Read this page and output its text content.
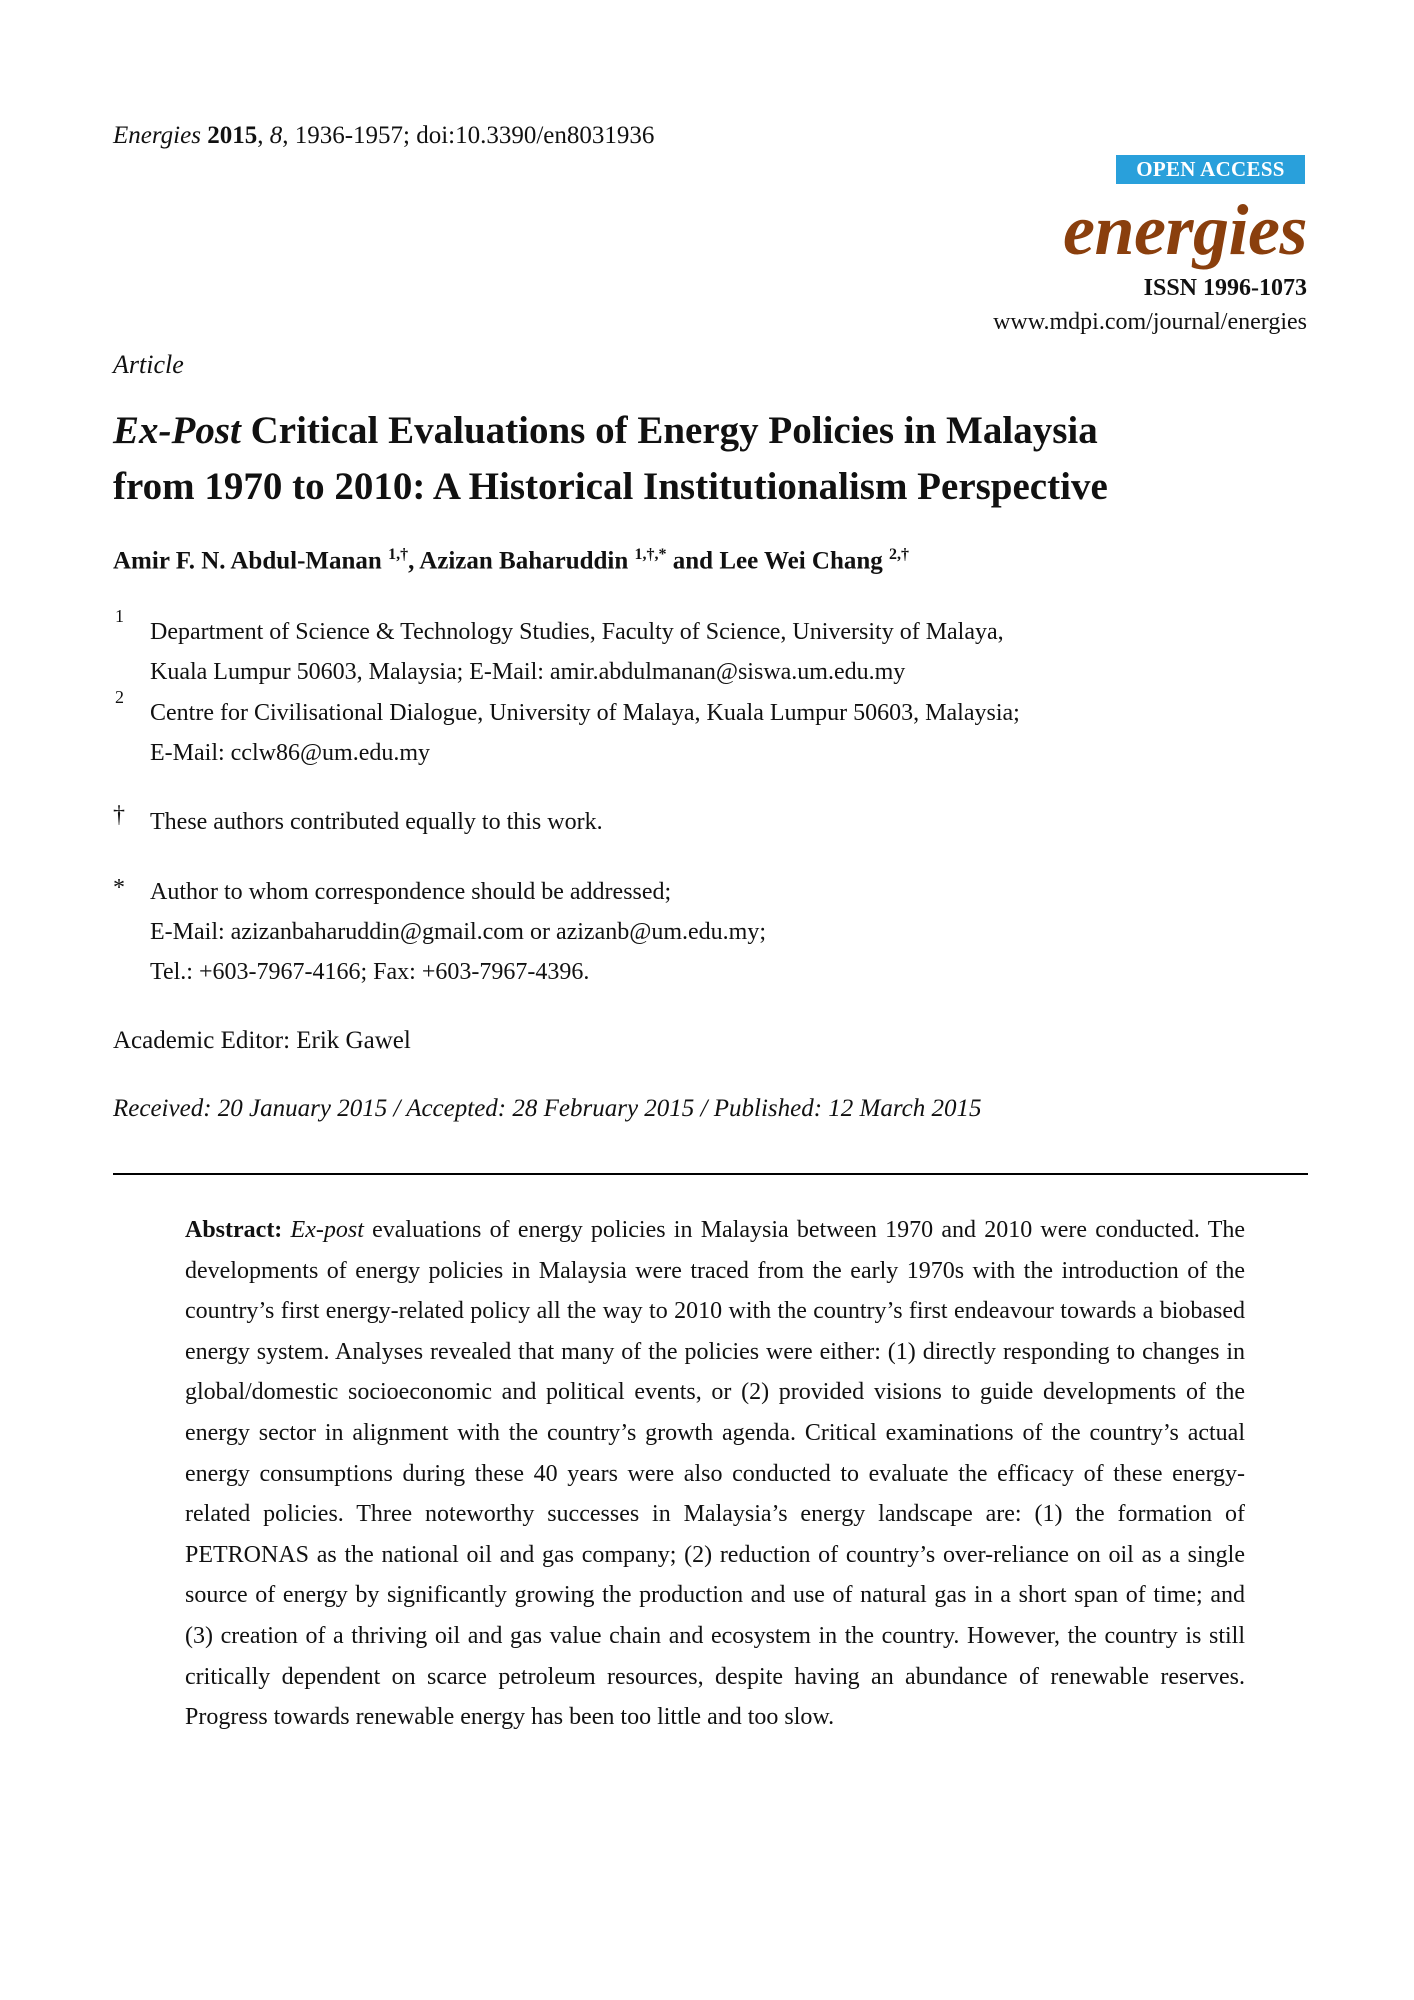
Energies 2015, 8, 1936-1957; doi:10.3390/en8031936
OPEN ACCESS
energies
ISSN 1996-1073
www.mdpi.com/journal/energies
Article
Ex-Post Critical Evaluations of Energy Policies in Malaysia
from 1970 to 2010: A Historical Institutionalism Perspective
Amir F. N. Abdul-Manan $^{1,\dagger}$, Azizan Baharuddin $^{1,\dagger,*}$ and Lee Wei Chang $^{2,\dagger}$
1
Department of Science & Technology Studies, Faculty of Science, University of Malaya,
Kuala Lumpur 50603, Malaysia; E-Mail: amir.abdulmanan@siswa.um.edu.my
2
Centre for Civilisational Dialogue, University of Malaya, Kuala Lumpur 50603, Malaysia;
E-Mail: cclw86@um.edu.my
† These authors contributed equally to this work.
* Author to whom correspondence should be addressed;
E-Mail: azizanbaharuddin@gmail.com or azizanb@um.edu.my;
Tel.: +603-7967-4166; Fax: +603-7967-4396.
Academic Editor: Erik Gawel
Received: 20 January 2015 / Accepted: 28 February 2015 / Published: 12 March 2015
Abstract: Ex-post evaluations of energy policies in Malaysia between 1970 and 2010 were conducted. The developments of energy policies in Malaysia were traced from the early 1970s with the introduction of the country’s first energy-related policy all the way to 2010 with the country’s first endeavour towards a biobased energy system. Analyses revealed that many of the policies were either: (1) directly responding to changes in global/domestic socioeconomic and political events, or (2) provided visions to guide developments of the energy sector in alignment with the country’s growth agenda. Critical examinations of the country’s actual energy consumptions during these 40 years were also conducted to evaluate the efficacy of these energy-related policies. Three noteworthy successes in Malaysia’s energy landscape are: (1) the formation of PETRONAS as the national oil and gas company; (2) reduction of country’s over-reliance on oil as a single source of energy by significantly growing the production and use of natural gas in a short span of time; and (3) creation of a thriving oil and gas value chain and ecosystem in the country. However, the country is still critically dependent on scarce petroleum resources, despite having an abundance of renewable reserves. Progress towards renewable energy has been too little and too slow.
